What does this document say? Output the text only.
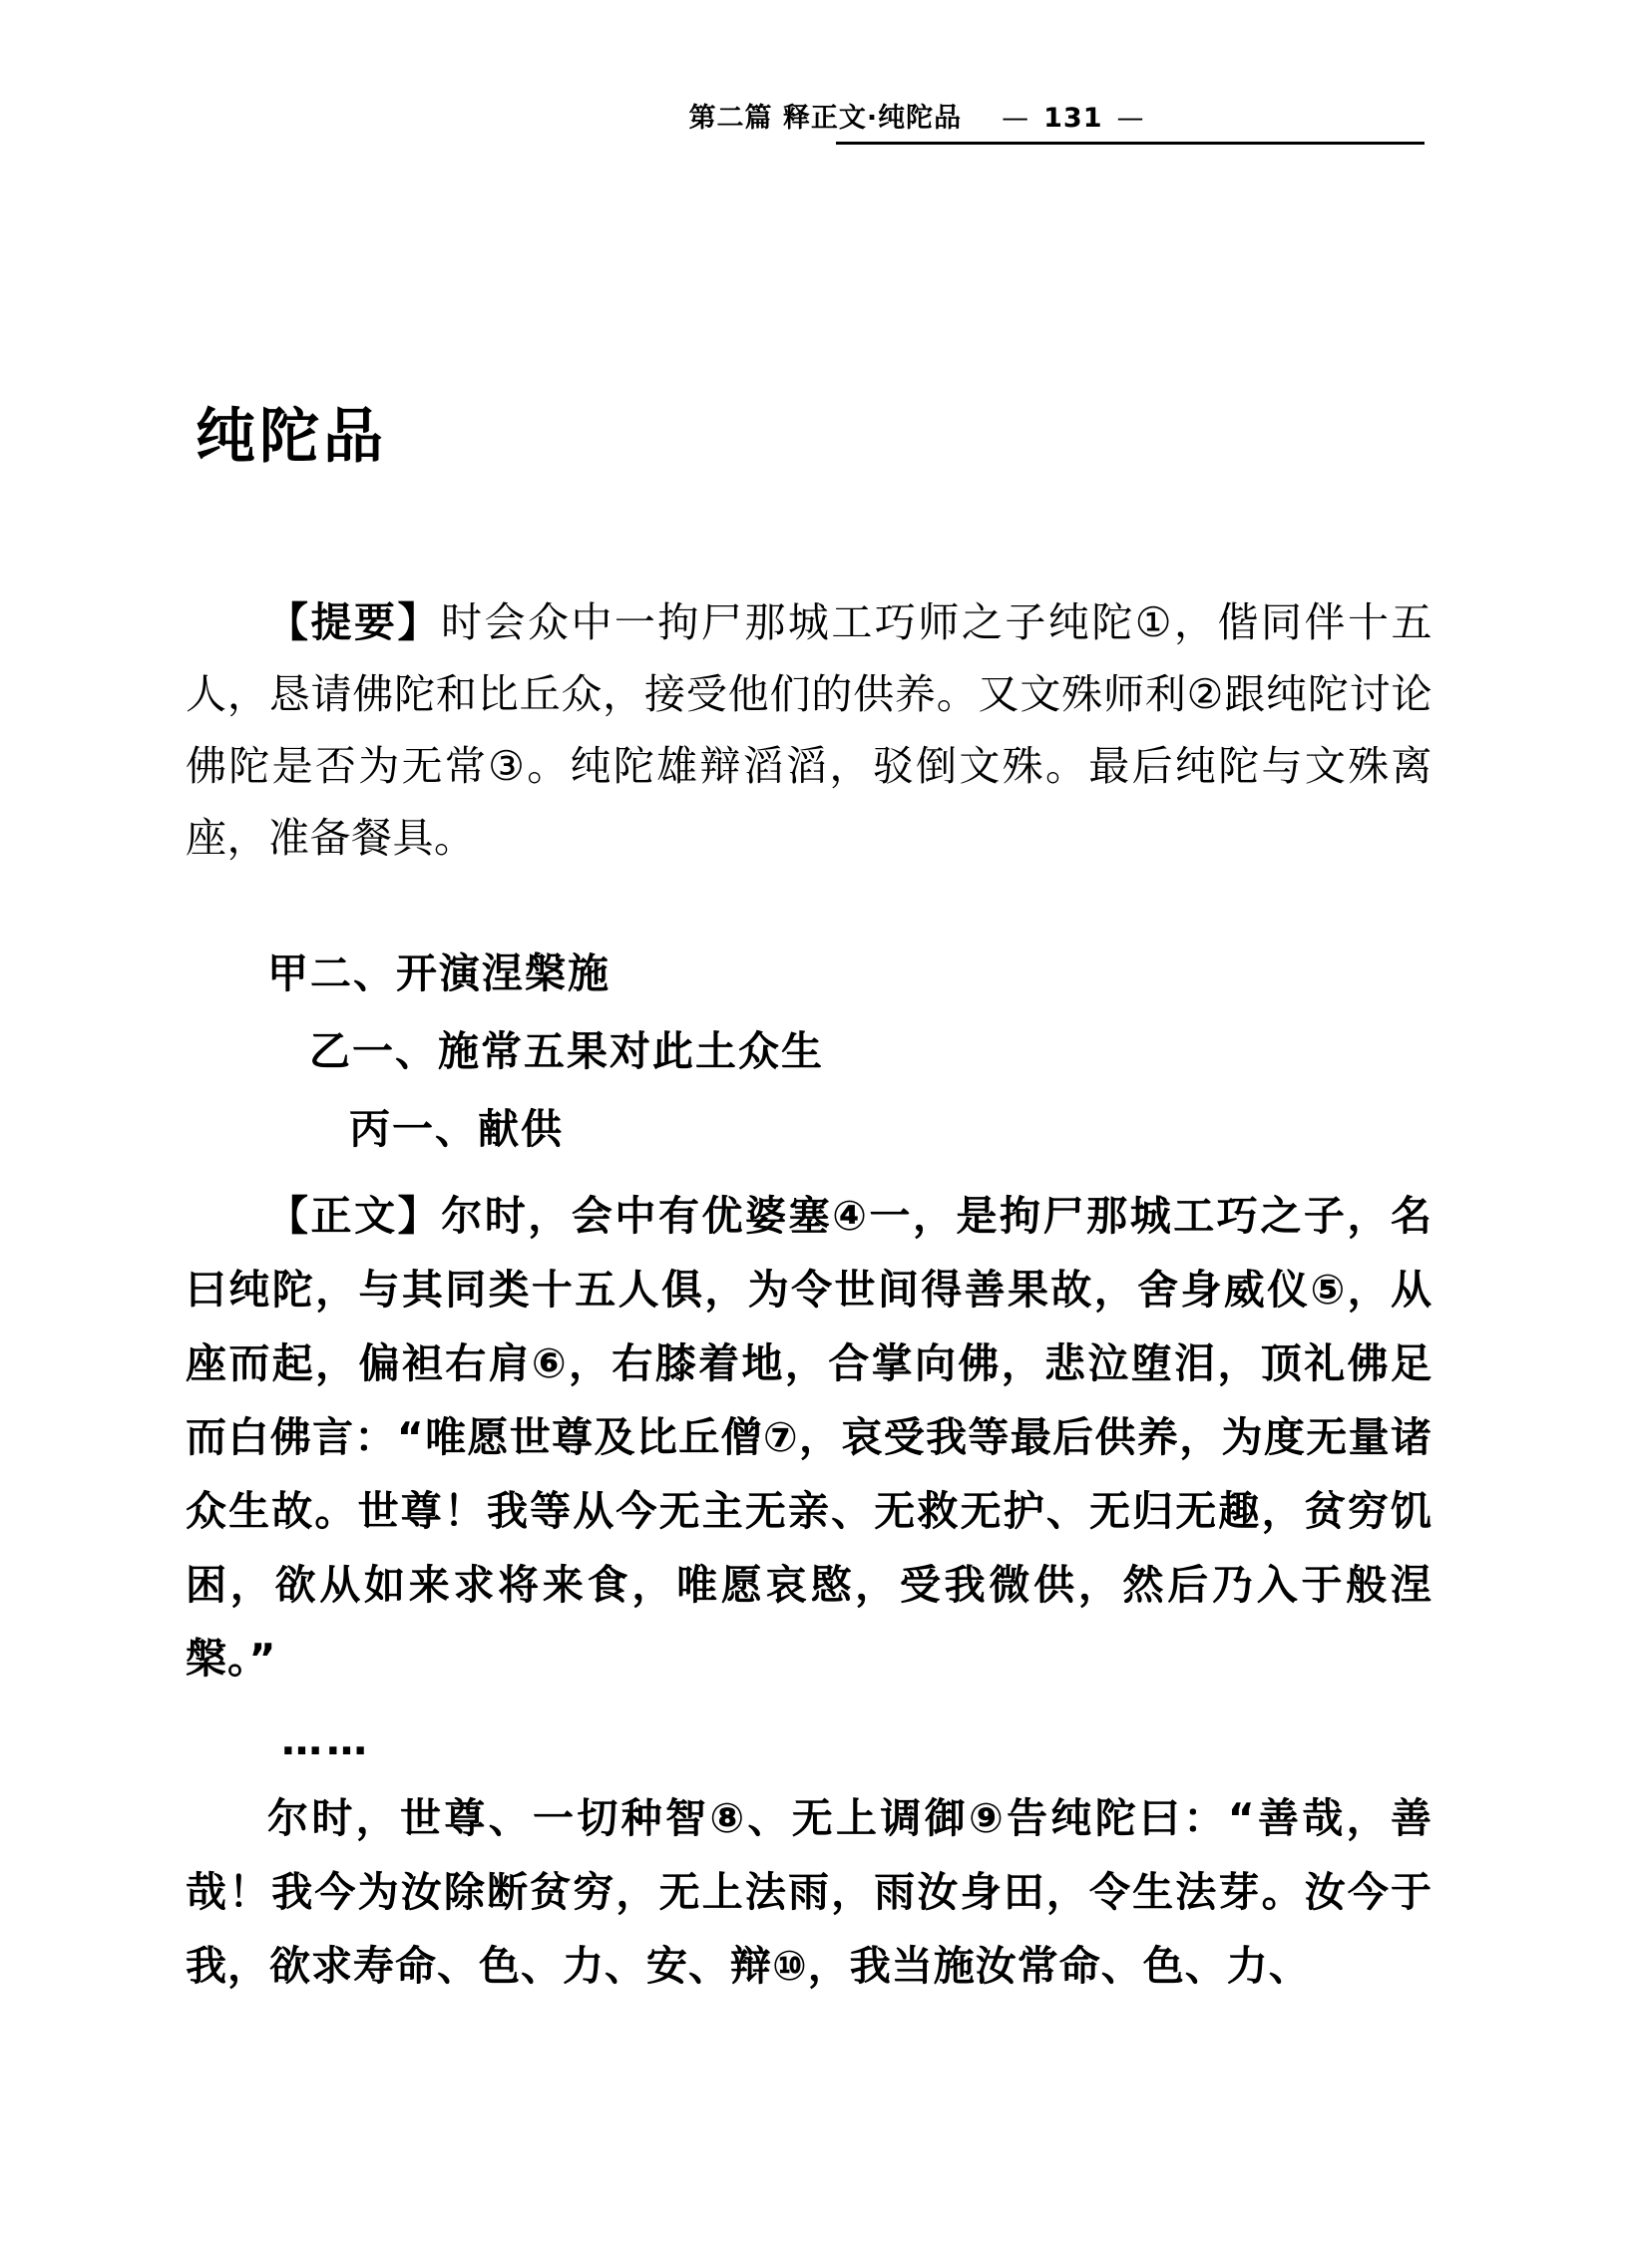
第二篇 释正文·纯陀品 — 131 —
纯陀品

【提要】时会众中一拘尸那城工巧师之子纯陀①，偕同伴十五人，恳请佛陀和比丘众，接受他们的供养。又文殊师利②跟纯陀讨论佛陀是否为无常③。纯陀雄辩滔滔，驳倒文殊。最后纯陀与文殊离座，准备餐具。

甲二、开演涅槃施

乙一、施常五果对此土众生

丙一、献供

【正文】尔时，会中有优婆塞④一，是拘尸那城工巧之子，名曰纯陀，与其同类十五人俱，为令世间得善果故，舍身威仪⑤，从座而起，偏袒右肩⑥，右膝着地，合掌向佛，悲泣堕泪，顶礼佛足而白佛言：“唯愿世尊及比丘僧⑦，哀受我等最后供养，为度无量诸众生故。世尊！我等从今无主无亲、无救无护、无归无趣，贫穷饥困，欲从如来求将来食，唯愿哀愍，受我微供，然后乃入于般涅槃。”

……

尔时，世尊、一切种智⑧、无上调御⑨告纯陀曰：“善哉，善哉！我今为汝除断贫穷，无上法雨，雨汝身田，令生法芽。汝今于我，欲求寿命、色、力、安、辩⑩，我当施汝常命、色、力、
